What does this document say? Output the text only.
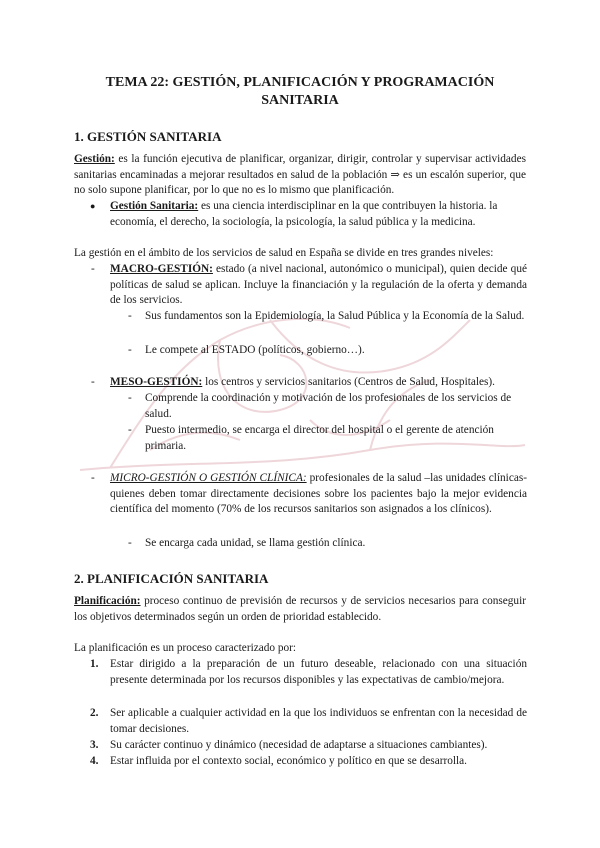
TEMA 22: GESTIÓN, PLANIFICACIÓN Y PROGRAMACIÓN SANITARIA
1. GESTIÓN SANITARIA
Gestión: es la función ejecutiva de planificar, organizar, dirigir, controlar y supervisar actividades sanitarias encaminadas a mejorar resultados en salud de la población ⇒ es un escalón superior, que no solo supone planificar, por lo que no es lo mismo que planificación.
● Gestión Sanitaria: es una ciencia interdisciplinar en la que contribuyen la historia. la economía, el derecho, la sociología, la psicología, la salud pública y la medicina.
La gestión en el ámbito de los servicios de salud en España se divide en tres grandes niveles:
- MACRO-GESTIÓN: estado (a nivel nacional, autonómico o municipal), quien decide qué políticas de salud se aplican. Incluye la financiación y la regulación de la oferta y demanda de los servicios.
- Sus fundamentos son la Epidemiología, la Salud Pública y la Economía de la Salud.
- Le compete al ESTADO (políticos, gobierno…).
- MESO-GESTIÓN: los centros y servicios sanitarios (Centros de Salud, Hospitales).
- Comprende la coordinación y motivación de los profesionales de los servicios de salud.
- Puesto intermedio, se encarga el director del hospital o el gerente de atención primaria.
- MICRO-GESTIÓN O GESTIÓN CLÍNICA: profesionales de la salud –las unidades clínicas- quienes deben tomar directamente decisiones sobre los pacientes bajo la mejor evidencia científica del momento (70% de los recursos sanitarios son asignados a los clínicos).
- Se encarga cada unidad, se llama gestión clínica.
2. PLANIFICACIÓN SANITARIA
Planificación: proceso continuo de previsión de recursos y de servicios necesarios para conseguir los objetivos determinados según un orden de prioridad establecido.
La planificación es un proceso caracterizado por:
1. Estar dirigido a la preparación de un futuro deseable, relacionado con una situación presente determinada por los recursos disponibles y las expectativas de cambio/mejora.
2. Ser aplicable a cualquier actividad en la que los individuos se enfrentan con la necesidad de tomar decisiones.
3. Su carácter continuo y dinámico (necesidad de adaptarse a situaciones cambiantes).
4. Estar influida por el contexto social, económico y político en que se desarrolla.
